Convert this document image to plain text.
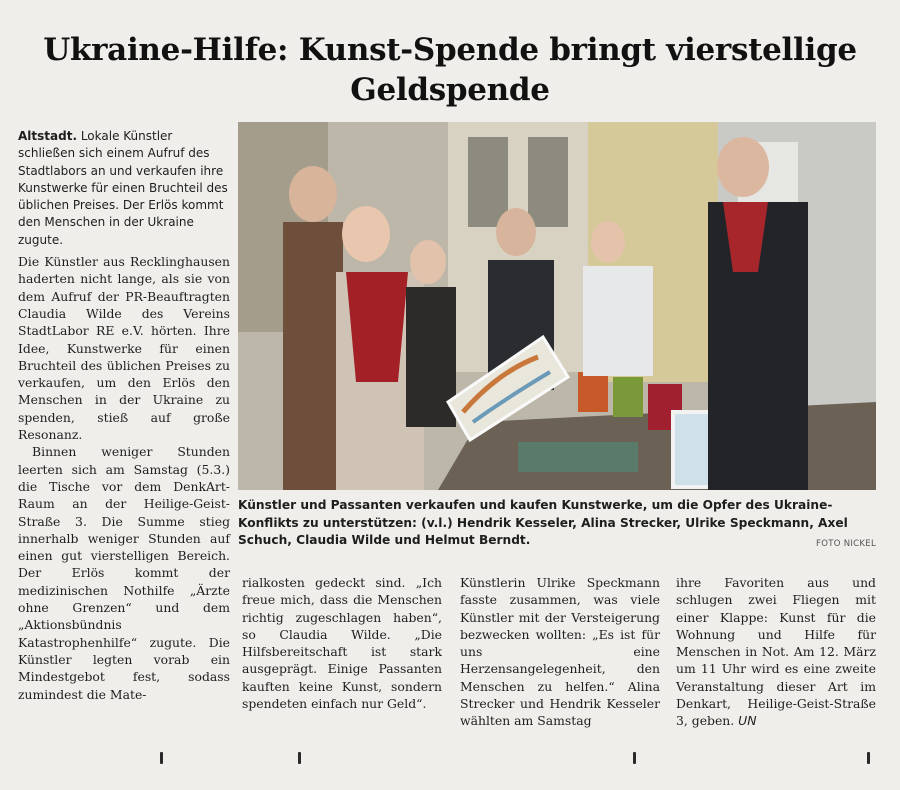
Ukraine-Hilfe: Kunst-Spende bringt vierstellige Geldspende

Altstadt. Lokale Künstler schließen sich einem Aufruf des Stadtlabors an und verkaufen ihre Kunstwerke für einen Bruchteil des üblichen Preises. Der Erlös kommt den Menschen in der Ukraine zugute.

Die Künstler aus Recklinghausen haderten nicht lange, als sie von dem Aufruf der PR-Beauftragten Claudia Wilde des Vereins StadtLabor RE e.V. hörten. Ihre Idee, Kunstwerke für einen Bruchteil des üblichen Preises zu verkaufen, um den Erlös den Menschen in der Ukraine zu spenden, stieß auf große Resonanz.

Binnen weniger Stunden leerten sich am Samstag (5.3.) die Tische vor dem DenkArt-Raum an der Heilige-Geist-Straße 3. Die Summe stieg innerhalb weniger Stunden auf einen gut vierstelligen Bereich. Der Erlös kommt der medizinischen Nothilfe „Ärzte ohne Grenzen“ und dem „Aktionsbündnis Katastrophenhilfe“ zugute. Die Künstler legten vorab ein Mindestgebot fest, sodass zumindest die Mate-

Künstler und Passanten verkaufen und kaufen Kunstwerke, um die Opfer des Ukraine-Konflikts zu unterstützen: (v.l.) Hendrik Kesseler, Alina Strecker, Ulrike Speckmann, Axel Schuch, Claudia Wilde und Helmut Berndt.	FOTO NICKEL
rialkosten gedeckt sind. „Ich freue mich, dass die Menschen richtig zugeschlagen haben“, so Claudia Wilde. „Die Hilfsbereitschaft ist stark ausgeprägt. Einige Passanten kauften keine Kunst, sondern spendeten einfach nur Geld“.
Künstlerin Ulrike Speckmann fasste zusammen, was viele Künstler mit der Versteigerung bezwecken wollten: „Es ist für uns eine Herzensangelegenheit, den Menschen zu helfen.“ Alina Strecker und Hendrik Kesseler wählten am Samstag
ihre Favoriten aus und schlugen zwei Fliegen mit einer Klappe: Kunst für die Wohnung und Hilfe für Menschen in Not. Am 12. März um 11 Uhr wird es eine zweite Veranstaltung dieser Art im Denkart, Heilige-Geist-Straße 3, geben. UN
